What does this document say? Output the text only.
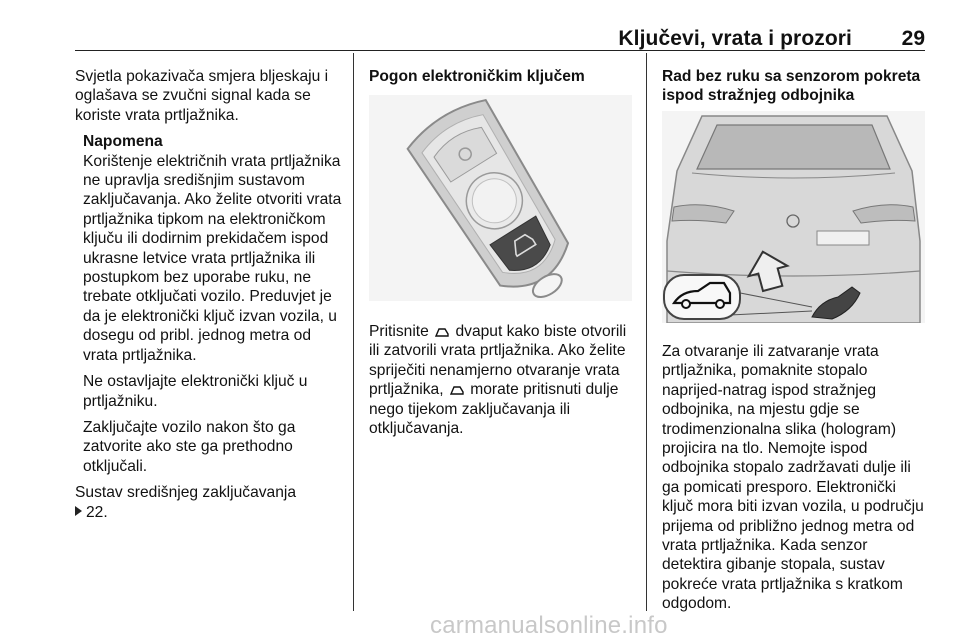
Ključevi, vrata i prozori 29

Svjetla pokazivača smjera bljeskaju i oglašava se zvučni signal kada se koriste vrata prtljažnika.

Napomena

Korištenje električnih vrata prtljažnika ne upravlja središnjim sustavom zaključavanja. Ako želite otvoriti vrata prtljažnika tipkom na elektroničkom ključu ili dodirnim prekidačem ispod ukrasne letvice vrata prtljažnika ili postupkom bez uporabe ruku, ne trebate otključati vozilo. Preduvjet je da je elektronički ključ izvan vozila, u dosegu od pribl. jednog metra od vrata prtljažnika.

Ne ostavljajte elektronički ključ u prtljažniku.

Zaključajte vozilo nakon što ga zatvorite ako ste ga prethodno otključali.

Sustav središnjeg zaključavanja
22.

Pogon elektroničkim ključem

Pritisnite dvaput kako biste otvorili ili zatvorili vrata prtljažnika. Ako želite spriječiti nenamjerno otvaranje vrata prtljažnika, morate pritisnuti dulje nego tijekom zaključavanja ili otključavanja.

Rad bez ruku sa senzorom pokreta ispod stražnjeg odbojnika

Za otvaranje ili zatvaranje vrata prtljažnika, pomaknite stopalo naprijed-natrag ispod stražnjeg odbojnika, na mjestu gdje se trodimenzionalna slika (hologram) projicira na tlo. Nemojte ispod odbojnika stopalo zadržavati dulje ili ga pomicati presporo. Elektronički ključ mora biti izvan vozila, u području prijema od približno jednog metra od vrata prtljažnika. Kada senzor detektira gibanje stopala, sustav pokreće vrata prtljažnika s kratkom odgodom.

carmanualsonline.info
